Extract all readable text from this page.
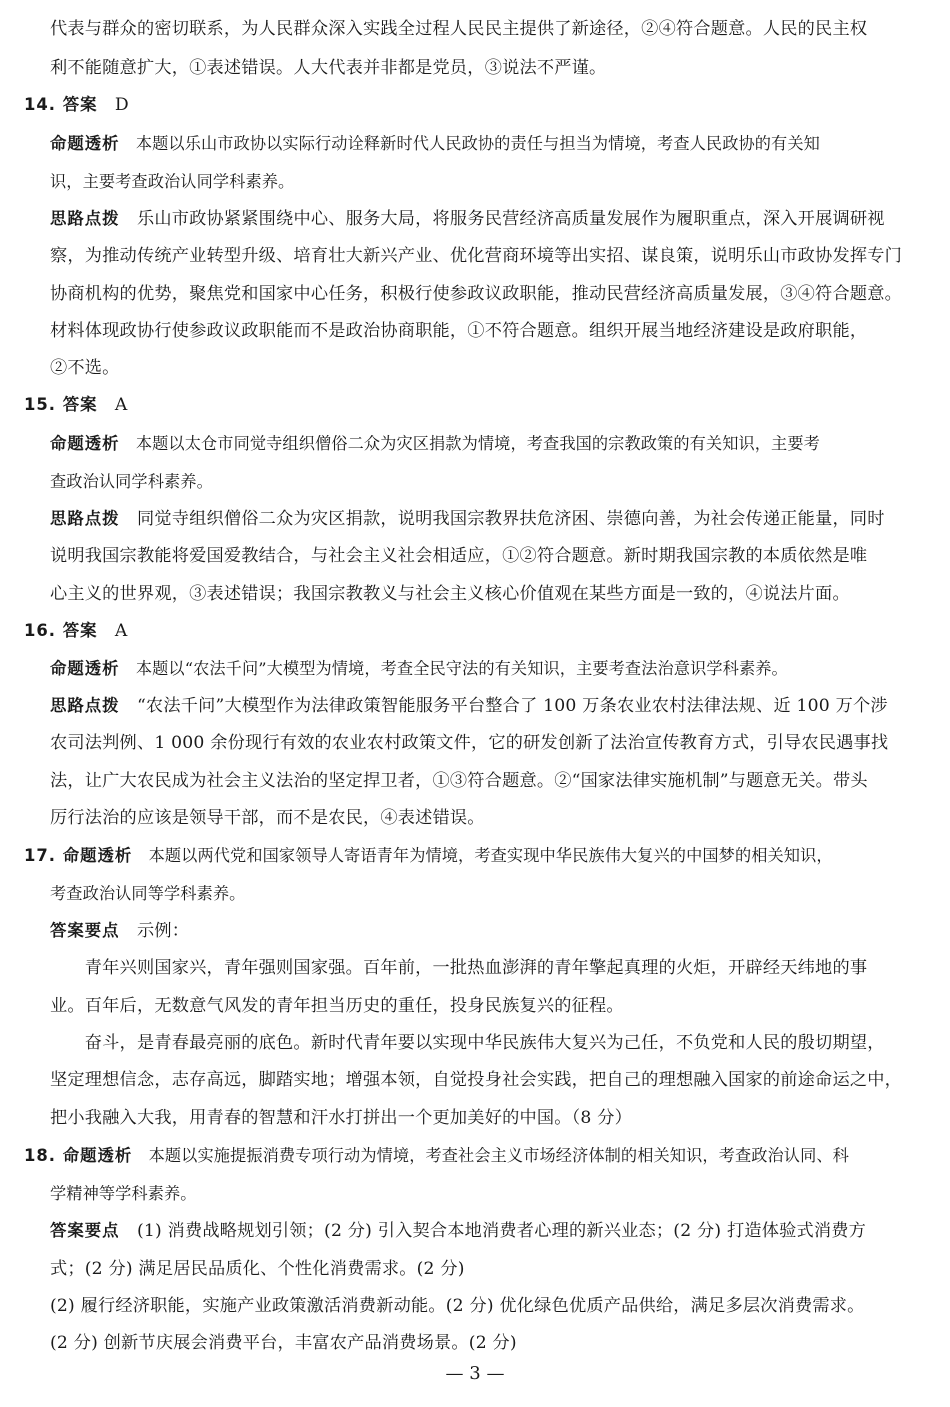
代表与群众的密切联系，为人民群众深入实践全过程人民民主提供了新途径，②④符合题意。人民的民主权
利不能随意扩大，①表述错误。人大代表并非都是党员，③说法不严谨。
14. 答案　D
命题透析　本题以乐山市政协以实际行动诠释新时代人民政协的责任与担当为情境，考查人民政协的有关知
识，主要考查政治认同学科素养。
思路点拨　乐山市政协紧紧围绕中心、服务大局，将服务民营经济高质量发展作为履职重点，深入开展调研视
察，为推动传统产业转型升级、培育壮大新兴产业、优化营商环境等出实招、谋良策，说明乐山市政协发挥专门
协商机构的优势，聚焦党和国家中心任务，积极行使参政议政职能，推动民营经济高质量发展，③④符合题意。
材料体现政协行使参政议政职能而不是政治协商职能，①不符合题意。组织开展当地经济建设是政府职能，
②不选。
15. 答案　A
命题透析　本题以太仓市同觉寺组织僧俗二众为灾区捐款为情境，考查我国的宗教政策的有关知识，主要考
查政治认同学科素养。
思路点拨　同觉寺组织僧俗二众为灾区捐款，说明我国宗教界扶危济困、崇德向善，为社会传递正能量，同时
说明我国宗教能将爱国爱教结合，与社会主义社会相适应，①②符合题意。新时期我国宗教的本质依然是唯
心主义的世界观，③表述错误；我国宗教教义与社会主义核心价值观在某些方面是一致的，④说法片面。
16. 答案　A
命题透析　本题以“农法千问”大模型为情境，考查全民守法的有关知识，主要考查法治意识学科素养。
思路点拨　“农法千问”大模型作为法律政策智能服务平台整合了 100 万条农业农村法律法规、近 100 万个涉
农司法判例、1 000 余份现行有效的农业农村政策文件，它的研发创新了法治宣传教育方式，引导农民遇事找
法，让广大农民成为社会主义法治的坚定捍卫者，①③符合题意。②“国家法律实施机制”与题意无关。带头
厉行法治的应该是领导干部，而不是农民，④表述错误。
17. 命题透析　本题以两代党和国家领导人寄语青年为情境，考查实现中华民族伟大复兴的中国梦的相关知识，
考查政治认同等学科素养。
答案要点　示例：
　　青年兴则国家兴，青年强则国家强。百年前，一批热血澎湃的青年擎起真理的火炬，开辟经天纬地的事
业。百年后，无数意气风发的青年担当历史的重任，投身民族复兴的征程。
　　奋斗，是青春最亮丽的底色。新时代青年要以实现中华民族伟大复兴为己任，不负党和人民的殷切期望，
坚定理想信念，志存高远，脚踏实地；增强本领，自觉投身社会实践，把自己的理想融入国家的前途命运之中，
把小我融入大我，用青春的智慧和汗水打拼出一个更加美好的中国。（8 分）
18. 命题透析　本题以实施提振消费专项行动为情境，考查社会主义市场经济体制的相关知识，考查政治认同、科
学精神等学科素养。
答案要点　(1) 消费战略规划引领；(2 分) 引入契合本地消费者心理的新兴业态；(2 分) 打造体验式消费方
式；(2 分) 满足居民品质化、个性化消费需求。(2 分)
(2) 履行经济职能，实施产业政策激活消费新动能。(2 分) 优化绿色优质产品供给，满足多层次消费需求。
(2 分) 创新节庆展会消费平台，丰富农产品消费场景。(2 分)
— 3 —
